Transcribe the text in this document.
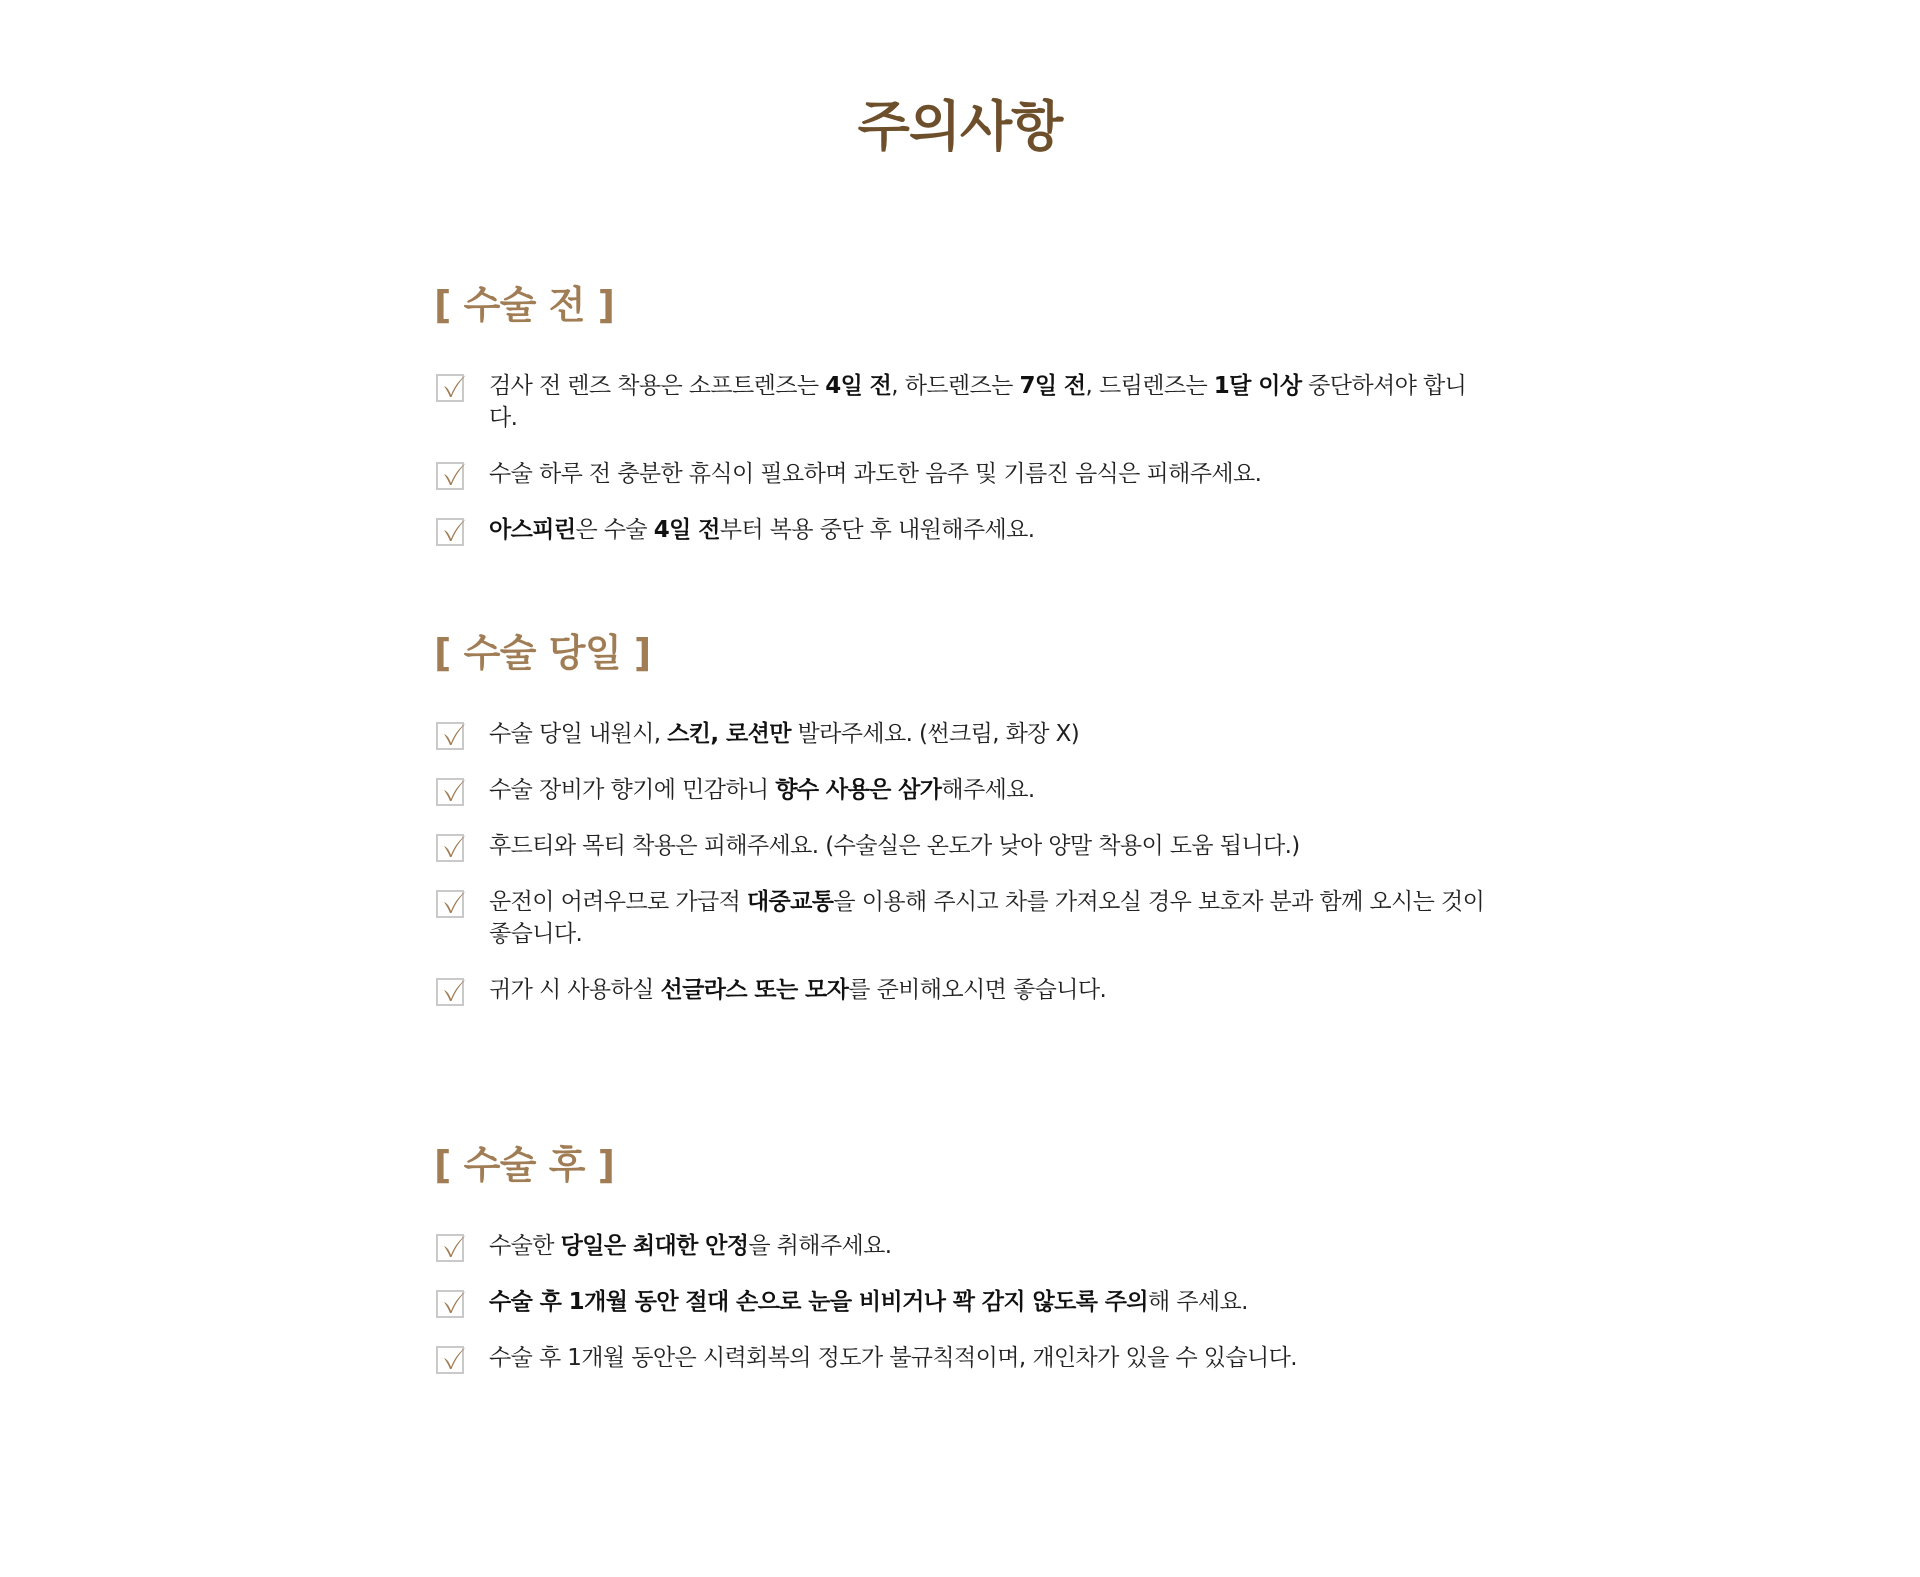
주의사항
[ 수술 전 ]
검사 전 렌즈 착용은 소프트렌즈는 4일 전, 하드렌즈는 7일 전, 드림렌즈는 1달 이상 중단하셔야 합니다.
수술 하루 전 충분한 휴식이 필요하며 과도한 음주 및 기름진 음식은 피해주세요.
아스피린은 수술 4일 전부터 복용 중단 후 내원해주세요.
[ 수술 당일 ]
수술 당일 내원시, 스킨, 로션만 발라주세요. (썬크림, 화장 X)
수술 장비가 향기에 민감하니 향수 사용은 삼가해주세요.
후드티와 목티 착용은 피해주세요. (수술실은 온도가 낮아 양말 착용이 도움 됩니다.)
운전이 어려우므로 가급적 대중교통을 이용해 주시고 차를 가져오실 경우 보호자 분과 함께 오시는 것이 좋습니다.
귀가 시 사용하실 선글라스 또는 모자를 준비해오시면 좋습니다.
[ 수술 후 ]
수술한 당일은 최대한 안정을 취해주세요.
수술 후 1개월 동안 절대 손으로 눈을 비비거나 꽉 감지 않도록 주의해 주세요.
수술 후 1개월 동안은 시력회복의 정도가 불규칙적이며, 개인차가 있을 수 있습니다.
